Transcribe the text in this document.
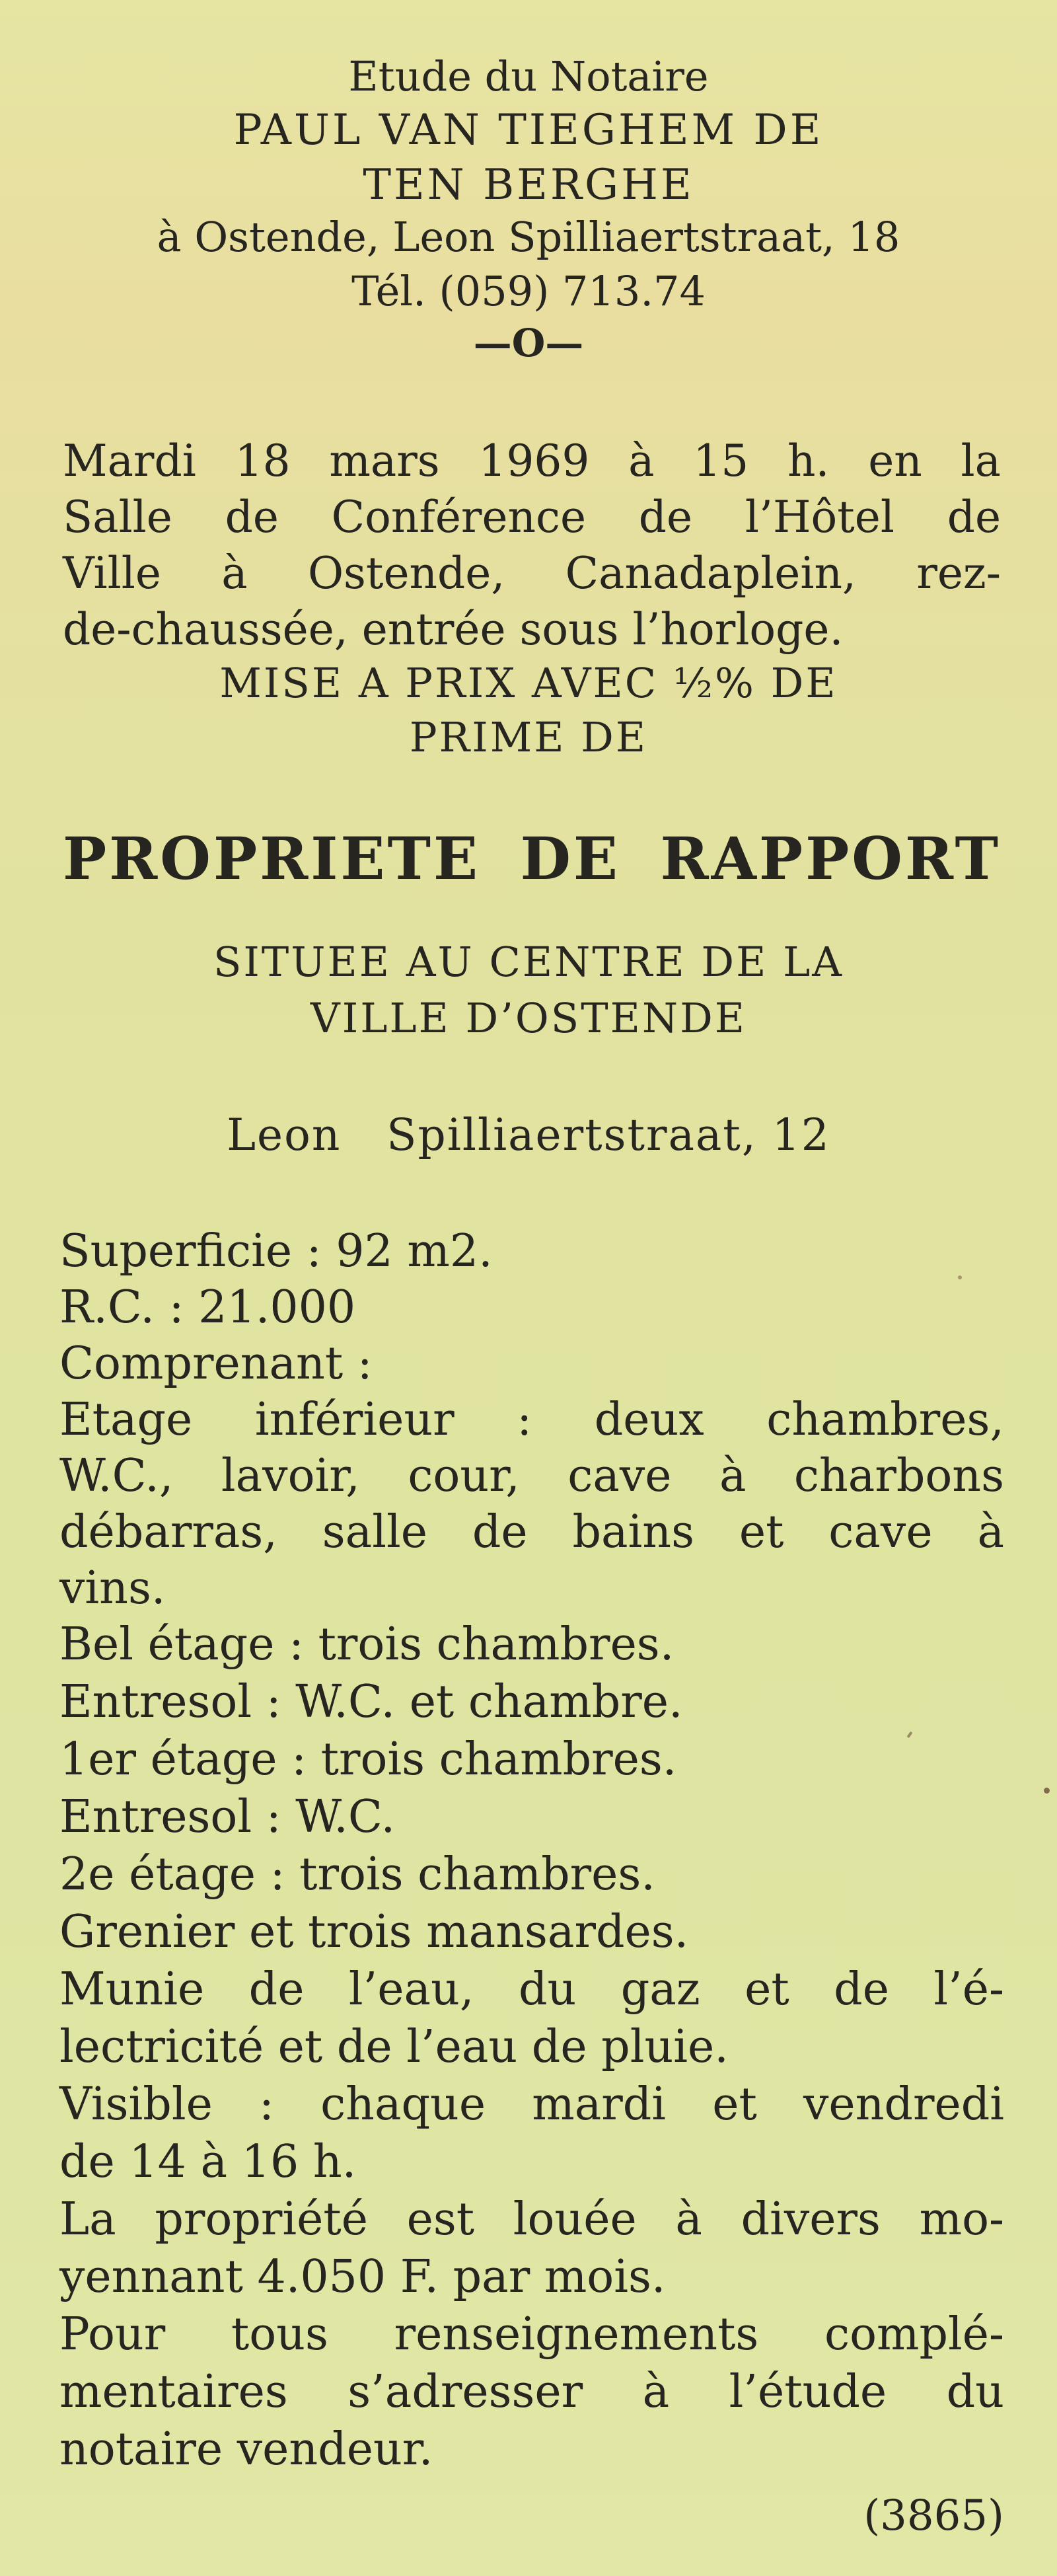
Etude du Notaire
PAUL VAN TIEGHEM DE
TEN BERGHE
à Ostende, Leon Spilliaertstraat, 18
Tél. (059) 713.74
—O—
Mardi 18 mars 1969 à 15 h. en la
Salle de Conférence de l’Hôtel de
Ville à Ostende, Canadaplein, rez-
de-chaussée, entrée sous l’horloge.
MISE A PRIX AVEC ½% DE
PRIME DE
PROPRIETE DE RAPPORT
SITUEE AU CENTRE DE LA
VILLE D’OSTENDE
Leon   Spilliaertstraat, 12
Superficie : 92 m2.
R.C. : 21.000
Comprenant :
Etage inférieur : deux chambres,
W.C., lavoir, cour, cave à charbons
débarras, salle de bains et cave à
vins.
Bel étage : trois chambres.
Entresol : W.C. et chambre.
1er étage : trois chambres.
Entresol : W.C.
2e étage : trois chambres.
Grenier et trois mansardes.
Munie de l’eau, du gaz et de l’é-
lectricité et de l’eau de pluie.
Visible : chaque mardi et vendredi
de 14 à 16 h.
La propriété est louée à divers mo-
yennant 4.050 F. par mois.
Pour tous renseignements complé-
mentaires s’adresser à l’étude du
notaire vendeur.
(3865)
